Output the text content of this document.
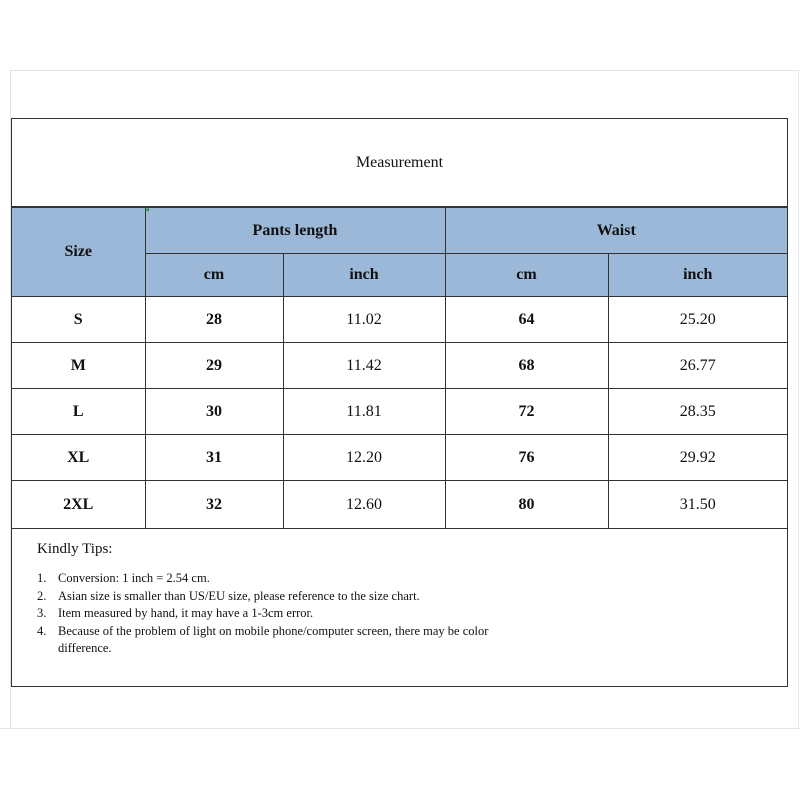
Measurement
Size	Pants length		Waist	
	cm	inch	cm	inch
S	28	11.02	64	25.20
M	29	11.42	68	26.77
L	30	11.81	72	28.35
XL	31	12.20	76	29.92
2XL	32	12.60	80	31.50
Kindly Tips:
1. Conversion: 1 inch = 2.54 cm.
2. Asian size is smaller than US/EU size, please reference to the size chart.
3. Item measured by hand, it may have a 1-3cm error.
4. Because of the problem of light on mobile phone/computer screen, there may be color difference.
